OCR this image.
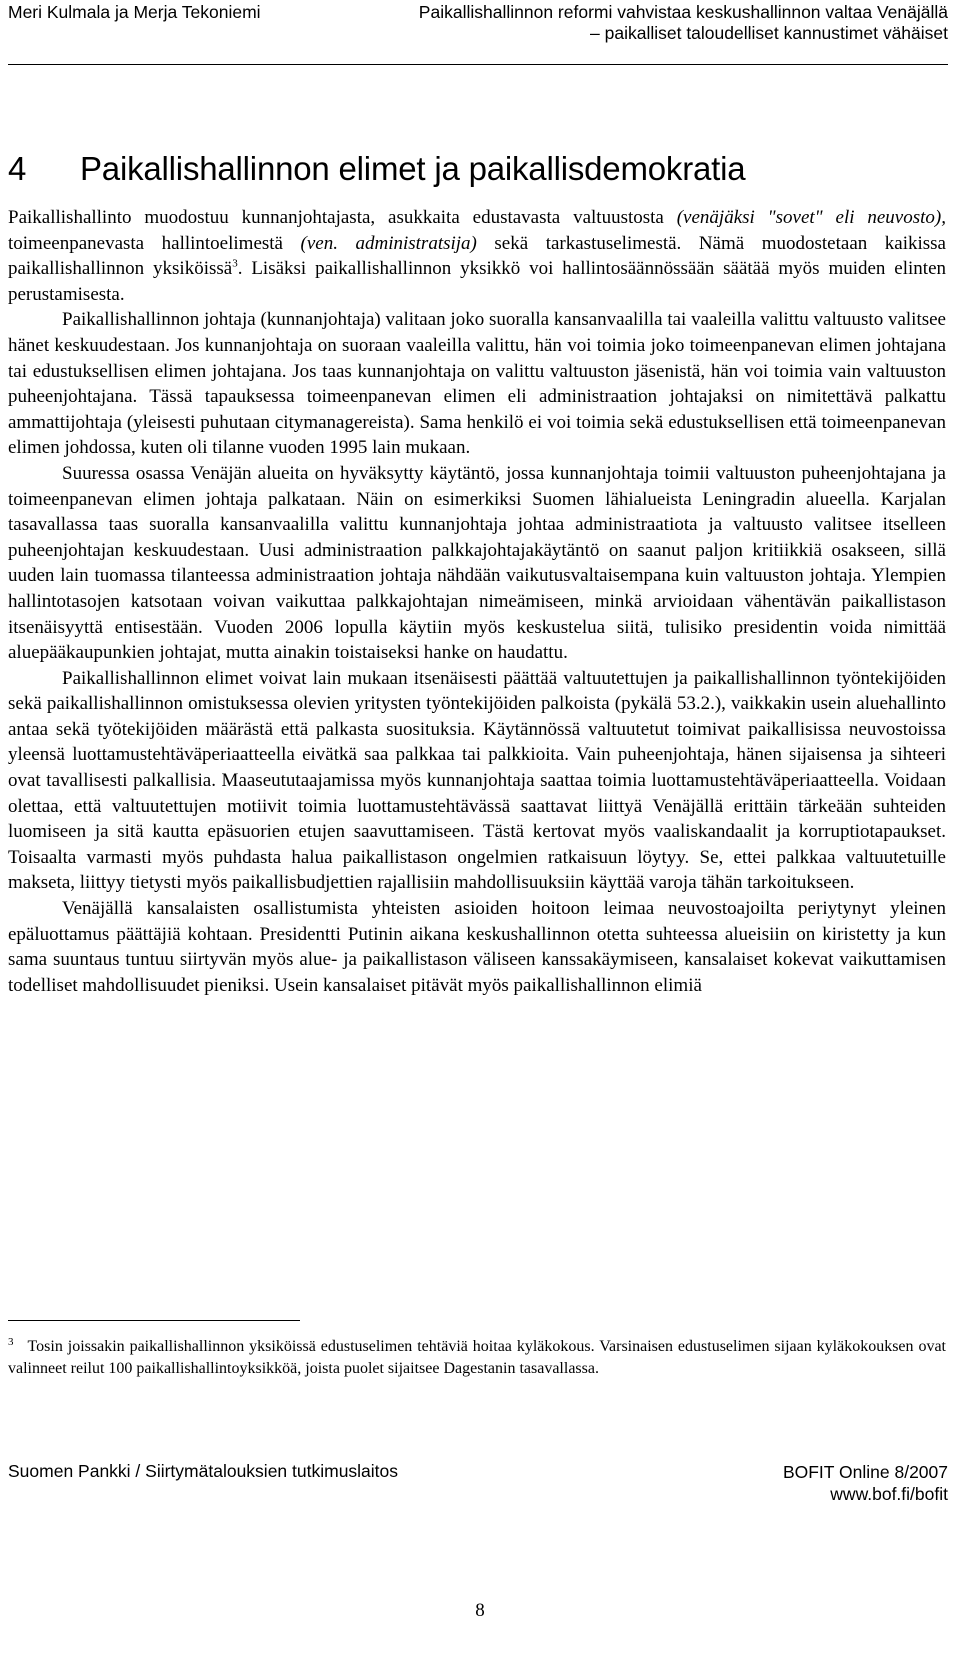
Meri Kulmala ja Merja Tekoniemi	Paikallishallinnon reformi vahvistaa keskushallinnon valtaa Venäjällä
– paikalliset taloudelliset kannustimet vähäiset
4 Paikallishallinnon elimet ja paikallisdemokratia

Paikallishallinto muodostuu kunnanjohtajasta, asukkaita edustavasta valtuustosta (venäjäksi "sovet" eli neuvosto), toimeenpanevasta hallintoelimestä (ven. administratsija) sekä tarkastuselimestä. Nämä muodostetaan kaikissa paikallishallinnon yksiköissä$^3$. Lisäksi paikallishallinnon yksikkö voi hallintosäännössään säätää myös muiden elinten perustamisesta.

Paikallishallinnon johtaja (kunnanjohtaja) valitaan joko suoralla kansanvaalilla tai vaaleilla valittu valtuusto valitsee hänet keskuudestaan. Jos kunnanjohtaja on suoraan vaaleilla valittu, hän voi toimia joko toimeenpanevan elimen johtajana tai edustuksellisen elimen johtajana. Jos taas kunnanjohtaja on valittu valtuuston jäsenistä, hän voi toimia vain valtuuston puheenjohtajana. Tässä tapauksessa toimeenpanevan elimen eli administraation johtajaksi on nimitettävä palkattu ammattijohtaja (yleisesti puhutaan citymanagereista). Sama henkilö ei voi toimia sekä edustuksellisen että toimeenpanevan elimen johdossa, kuten oli tilanne vuoden 1995 lain mukaan.

Suuressa osassa Venäjän alueita on hyväksytty käytäntö, jossa kunnanjohtaja toimii valtuuston puheenjohtajana ja toimeenpanevan elimen johtaja palkataan. Näin on esimerkiksi Suomen lähialueista Leningradin alueella. Karjalan tasavallassa taas suoralla kansanvaalilla valittu kunnanjohtaja johtaa administraatiota ja valtuusto valitsee itselleen puheenjohtajan keskuudestaan. Uusi administraation palkkajohtajakäytäntö on saanut paljon kritiikkiä osakseen, sillä uuden lain tuomassa tilanteessa administraation johtaja nähdään vaikutusvaltaisempana kuin valtuuston johtaja. Ylempien hallintotasojen katsotaan voivan vaikuttaa palkkajohtajan nimeämiseen, minkä arvioidaan vähentävän paikallistason itsenäisyyttä entisestään. Vuoden 2006 lopulla käytiin myös keskustelua siitä, tulisiko presidentin voida nimittää aluepääkaupunkien johtajat, mutta ainakin toistaiseksi hanke on haudattu.

Paikallishallinnon elimet voivat lain mukaan itsenäisesti päättää valtuutettujen ja paikallishallinnon työntekijöiden sekä paikallishallinnon omistuksessa olevien yritysten työntekijöiden palkoista (pykälä 53.2.), vaikkakin usein aluehallinto antaa sekä työtekijöiden määrästä että palkasta suosituksia. Käytännössä valtuutetut toimivat paikallisissa neuvostoissa yleensä luottamustehtäväperiaatteella eivätkä saa palkkaa tai palkkioita. Vain puheenjohtaja, hänen sijaisensa ja sihteeri ovat tavallisesti palkallisia. Maaseututaajamissa myös kunnanjohtaja saattaa toimia luottamustehtäväperiaatteella. Voidaan olettaa, että valtuutettujen motiivit toimia luottamustehtävässä saattavat liittyä Venäjällä erittäin tärkeään suhteiden luomiseen ja sitä kautta epäsuorien etujen saavuttamiseen. Tästä kertovat myös vaaliskandaalit ja korruptiotapaukset. Toisaalta varmasti myös puhdasta halua paikallistason ongelmien ratkaisuun löytyy. Se, ettei palkkaa valtuutetuille makseta, liittyy tietysti myös paikallisbudjettien rajallisiin mahdollisuuksiin käyttää varoja tähän tarkoitukseen.

Venäjällä kansalaisten osallistumista yhteisten asioiden hoitoon leimaa neuvostoajoilta periytynyt yleinen epäluottamus päättäjiä kohtaan. Presidentti Putinin aikana keskushallinnon otetta suhteessa alueisiin on kiristetty ja kun sama suuntaus tuntuu siirtyvän myös alue- ja paikallistason väliseen kanssakäymiseen, kansalaiset kokevat vaikuttamisen todelliset mahdollisuudet pieniksi. Usein kansalaiset pitävät myös paikallishallinnon elimiä

$^3$ Tosin joissakin paikallishallinnon yksiköissä edustuselimen tehtäviä hoitaa kyläkokous. Varsinaisen edustuselimen sijaan kyläkokouksen ovat valinneet reilut 100 paikallishallintoyksikköä, joista puolet sijaitsee Dagestanin tasavallassa.
Suomen Pankki / Siirtymätalouksien tutkimuslaitos	BOFIT Online 8/2007
www.bof.fi/bofit
8
